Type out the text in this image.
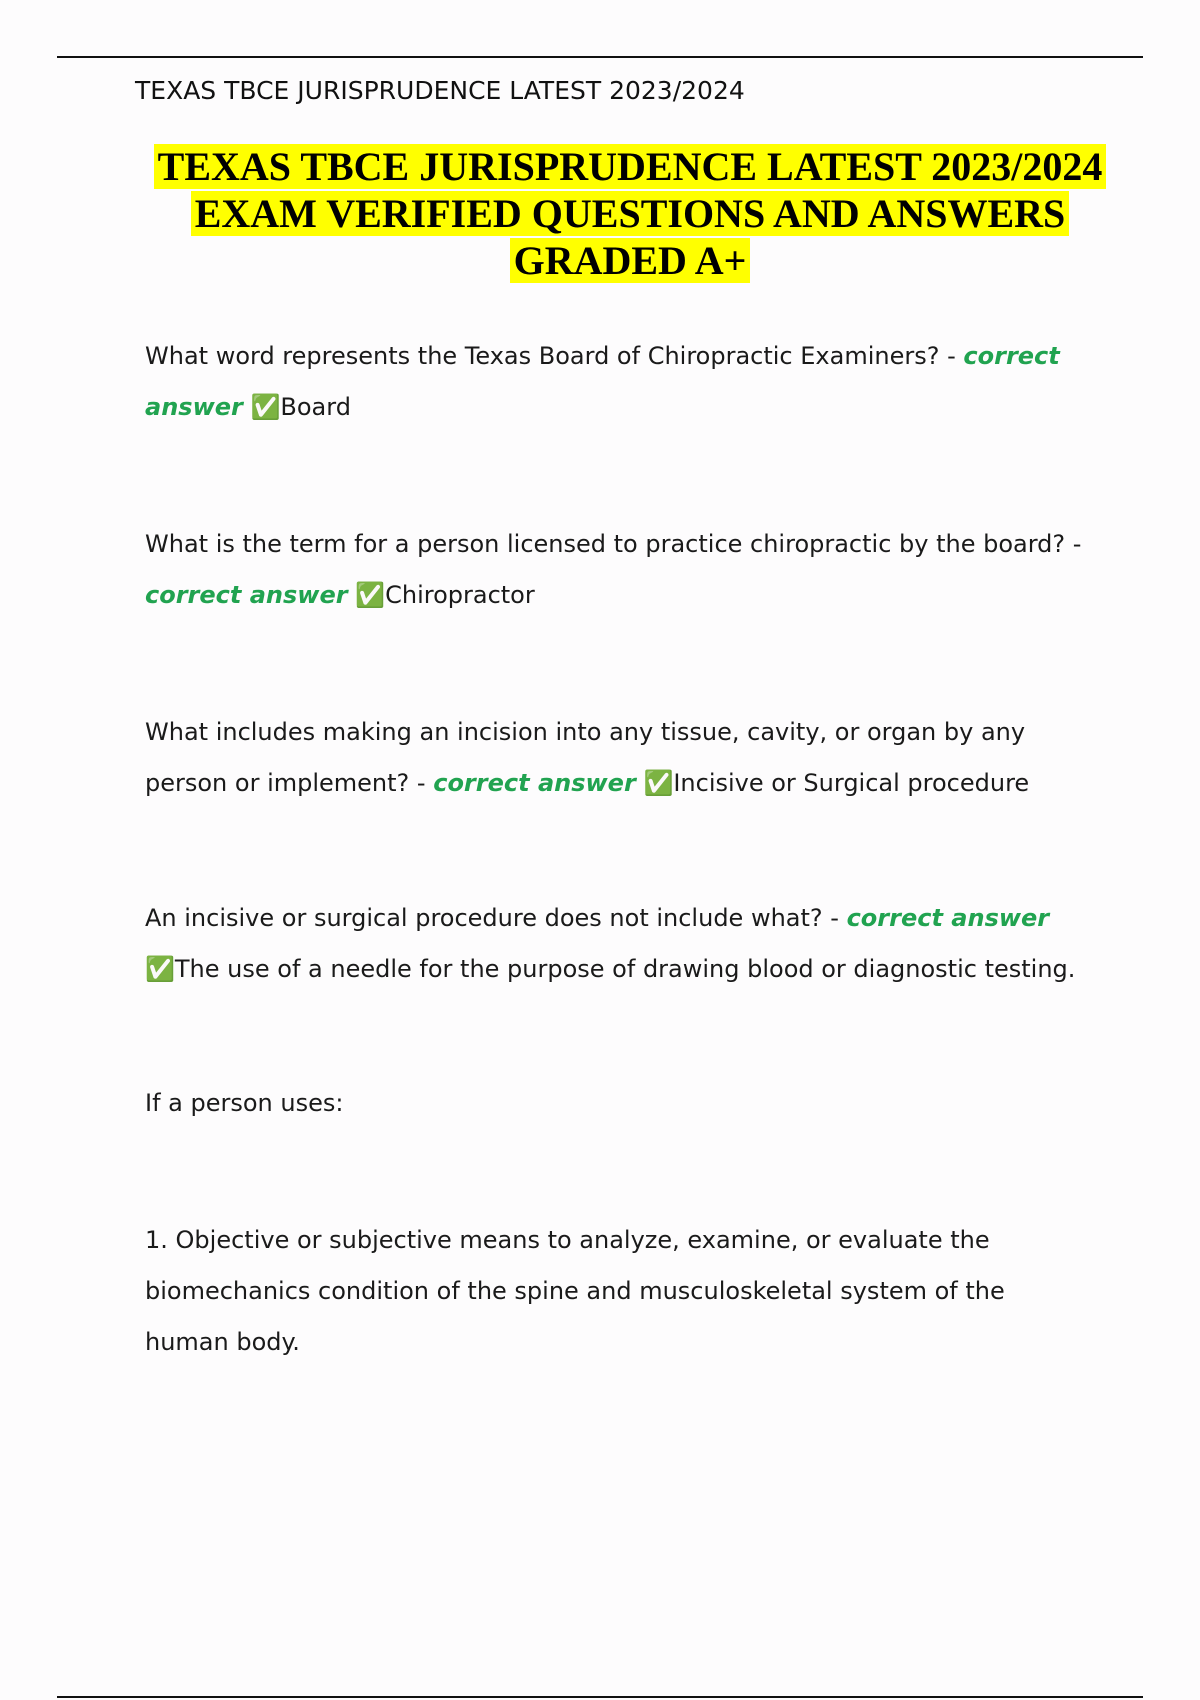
TEXAS TBCE JURISPRUDENCE LATEST 2023/2024
TEXAS TBCE JURISPRUDENCE LATEST 2023/2024 EXAM VERIFIED QUESTIONS AND ANSWERS GRADED A+

What word represents the Texas Board of Chiropractic Examiners? - correct answer ✅Board

What is the term for a person licensed to practice chiropractic by the board? - correct answer ✅Chiropractor

What includes making an incision into any tissue, cavity, or organ by any person or implement? - correct answer ✅Incisive or Surgical procedure

An incisive or surgical procedure does not include what? - correct answer ✅The use of a needle for the purpose of drawing blood or diagnostic testing.

If a person uses:

1. Objective or subjective means to analyze, examine, or evaluate the biomechanics condition of the spine and musculoskeletal system of the human body.
